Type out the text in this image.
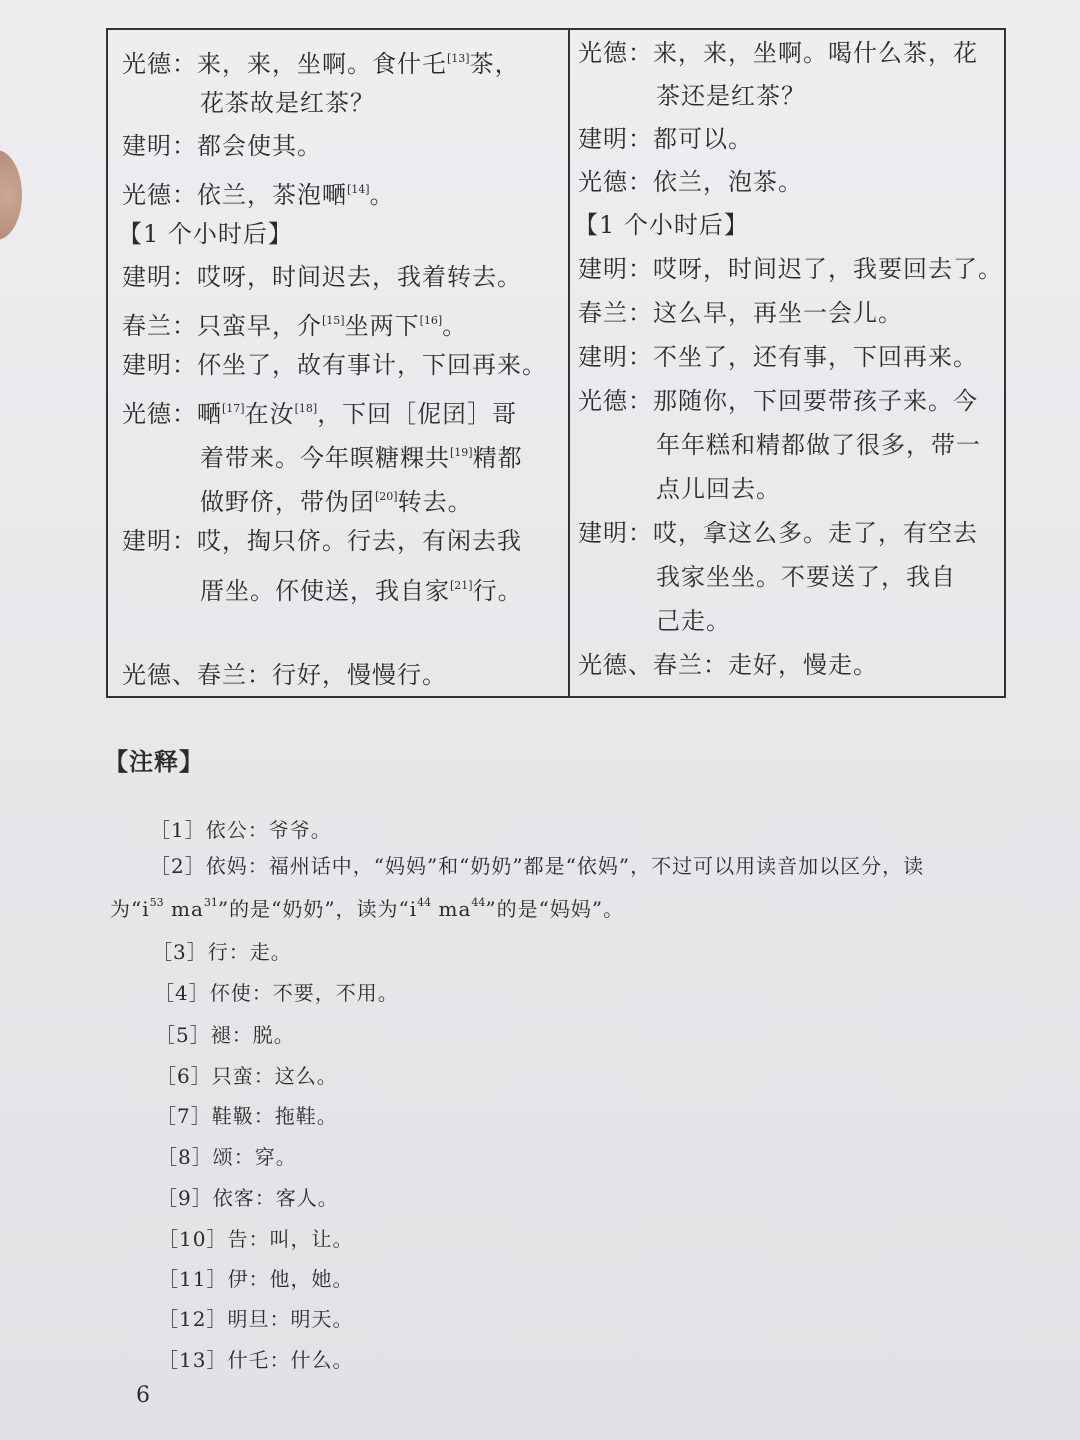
光德：来，来，坐啊。食什乇[13]茶，
花茶故是红茶？
建明：都会使其。
光德：依兰，茶泡嗮[14]。
【1 个小时后】
建明：哎呀，时间迟去，我着转去。
春兰：只蛮早，介[15]坐两下[16]。
建明：伓坐了，故有事计，下回再来。
光德：嗮[17]在汝[18]，下回［伲囝］哥
着带来。今年暝糖粿共[19]精都
做野侪，带伪囝[20]转去。
建明：哎，掏只侪。行去，有闲去我
厝坐。伓使送，我自家[21]行。
光德、春兰：行好，慢慢行。
光德：来，来，坐啊。喝什么茶，花
茶还是红茶？
建明：都可以。
光德：依兰，泡茶。
【1 个小时后】
建明：哎呀，时间迟了，我要回去了。
春兰：这么早，再坐一会儿。
建明：不坐了，还有事，下回再来。
光德：那随你，下回要带孩子来。今
年年糕和精都做了很多，带一
点儿回去。
建明：哎，拿这么多。走了，有空去
我家坐坐。不要送了，我自
己走。
光德、春兰：走好，慢走。
【注释】
［1］依公：爷爷。
［2］依妈：福州话中，“妈妈”和“奶奶”都是“依妈”，不过可以用读音加以区分，读
为“$i^{53}$ $ma^{31}$”的是“奶奶”，读为“$i^{44}$ $ma^{44}$”的是“妈妈”。
［3］行：走。
［4］伓使：不要，不用。
［5］褪：脱。
［6］只蛮：这么。
［7］鞋靸：拖鞋。
［8］颂：穿。
［9］依客：客人。
［10］告：叫，让。
［11］伊：他，她。
［12］明旦：明天。
［13］什乇：什么。
6
